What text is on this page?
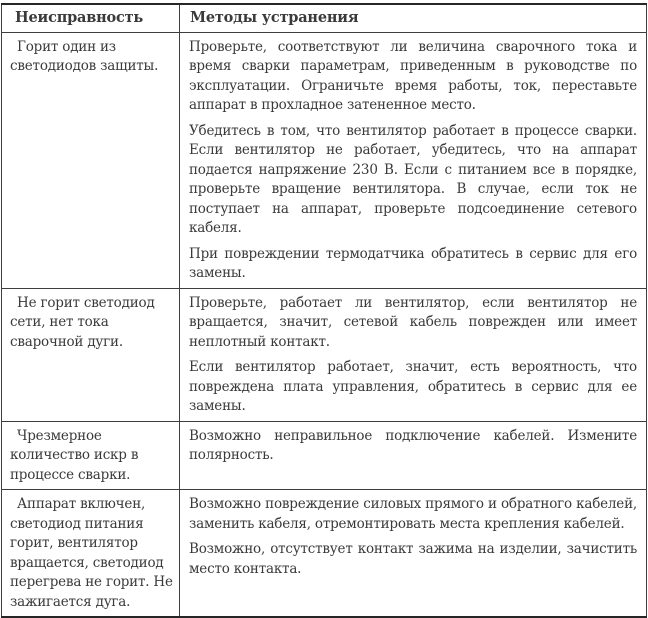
Неисправность	Методы устранения

Горит один из светодиодов защиты.	Проверьте, соответствуют ли величина сварочного тока и время сварки параметрам, приведенным в руководстве по эксплуатации. Ограничьте время работы, ток, переставьте аппарат в прохладное затененное место.

Убедитесь в том, что вентилятор работает в процессе сварки. Если вентилятор не работает, убедитесь, что на аппарат подается напряжение 230 В. Если с питанием все в порядке, проверьте вращение вентилятора. В случае, если ток не поступает на аппарат, проверьте подсоединение сетевого кабеля.

При повреждении термодатчика обратитесь в сервис для его замены.

Не горит светодиод сети, нет тока сварочной дуги.	Проверьте, работает ли вентилятор, если вентилятор не вращается, значит, сетевой кабель поврежден или имеет неплотный контакт.

Если вентилятор работает, значит, есть вероятность, что повреждена плата управления, обратитесь в сервис для ее замены.

Чрезмерное количество искр в процессе сварки.	Возможно неправильное подключение кабелей. Измените полярность.

Аппарат включен, светодиод питания горит, вентилятор вращается, светодиод перегрева не горит. Не зажигается дуга.	Возможно повреждение силовых прямого и обратного кабелей, заменить кабеля, отремонтировать места крепления кабелей.

Возможно, отсутствует контакт зажима на изделии, зачистить место контакта.
